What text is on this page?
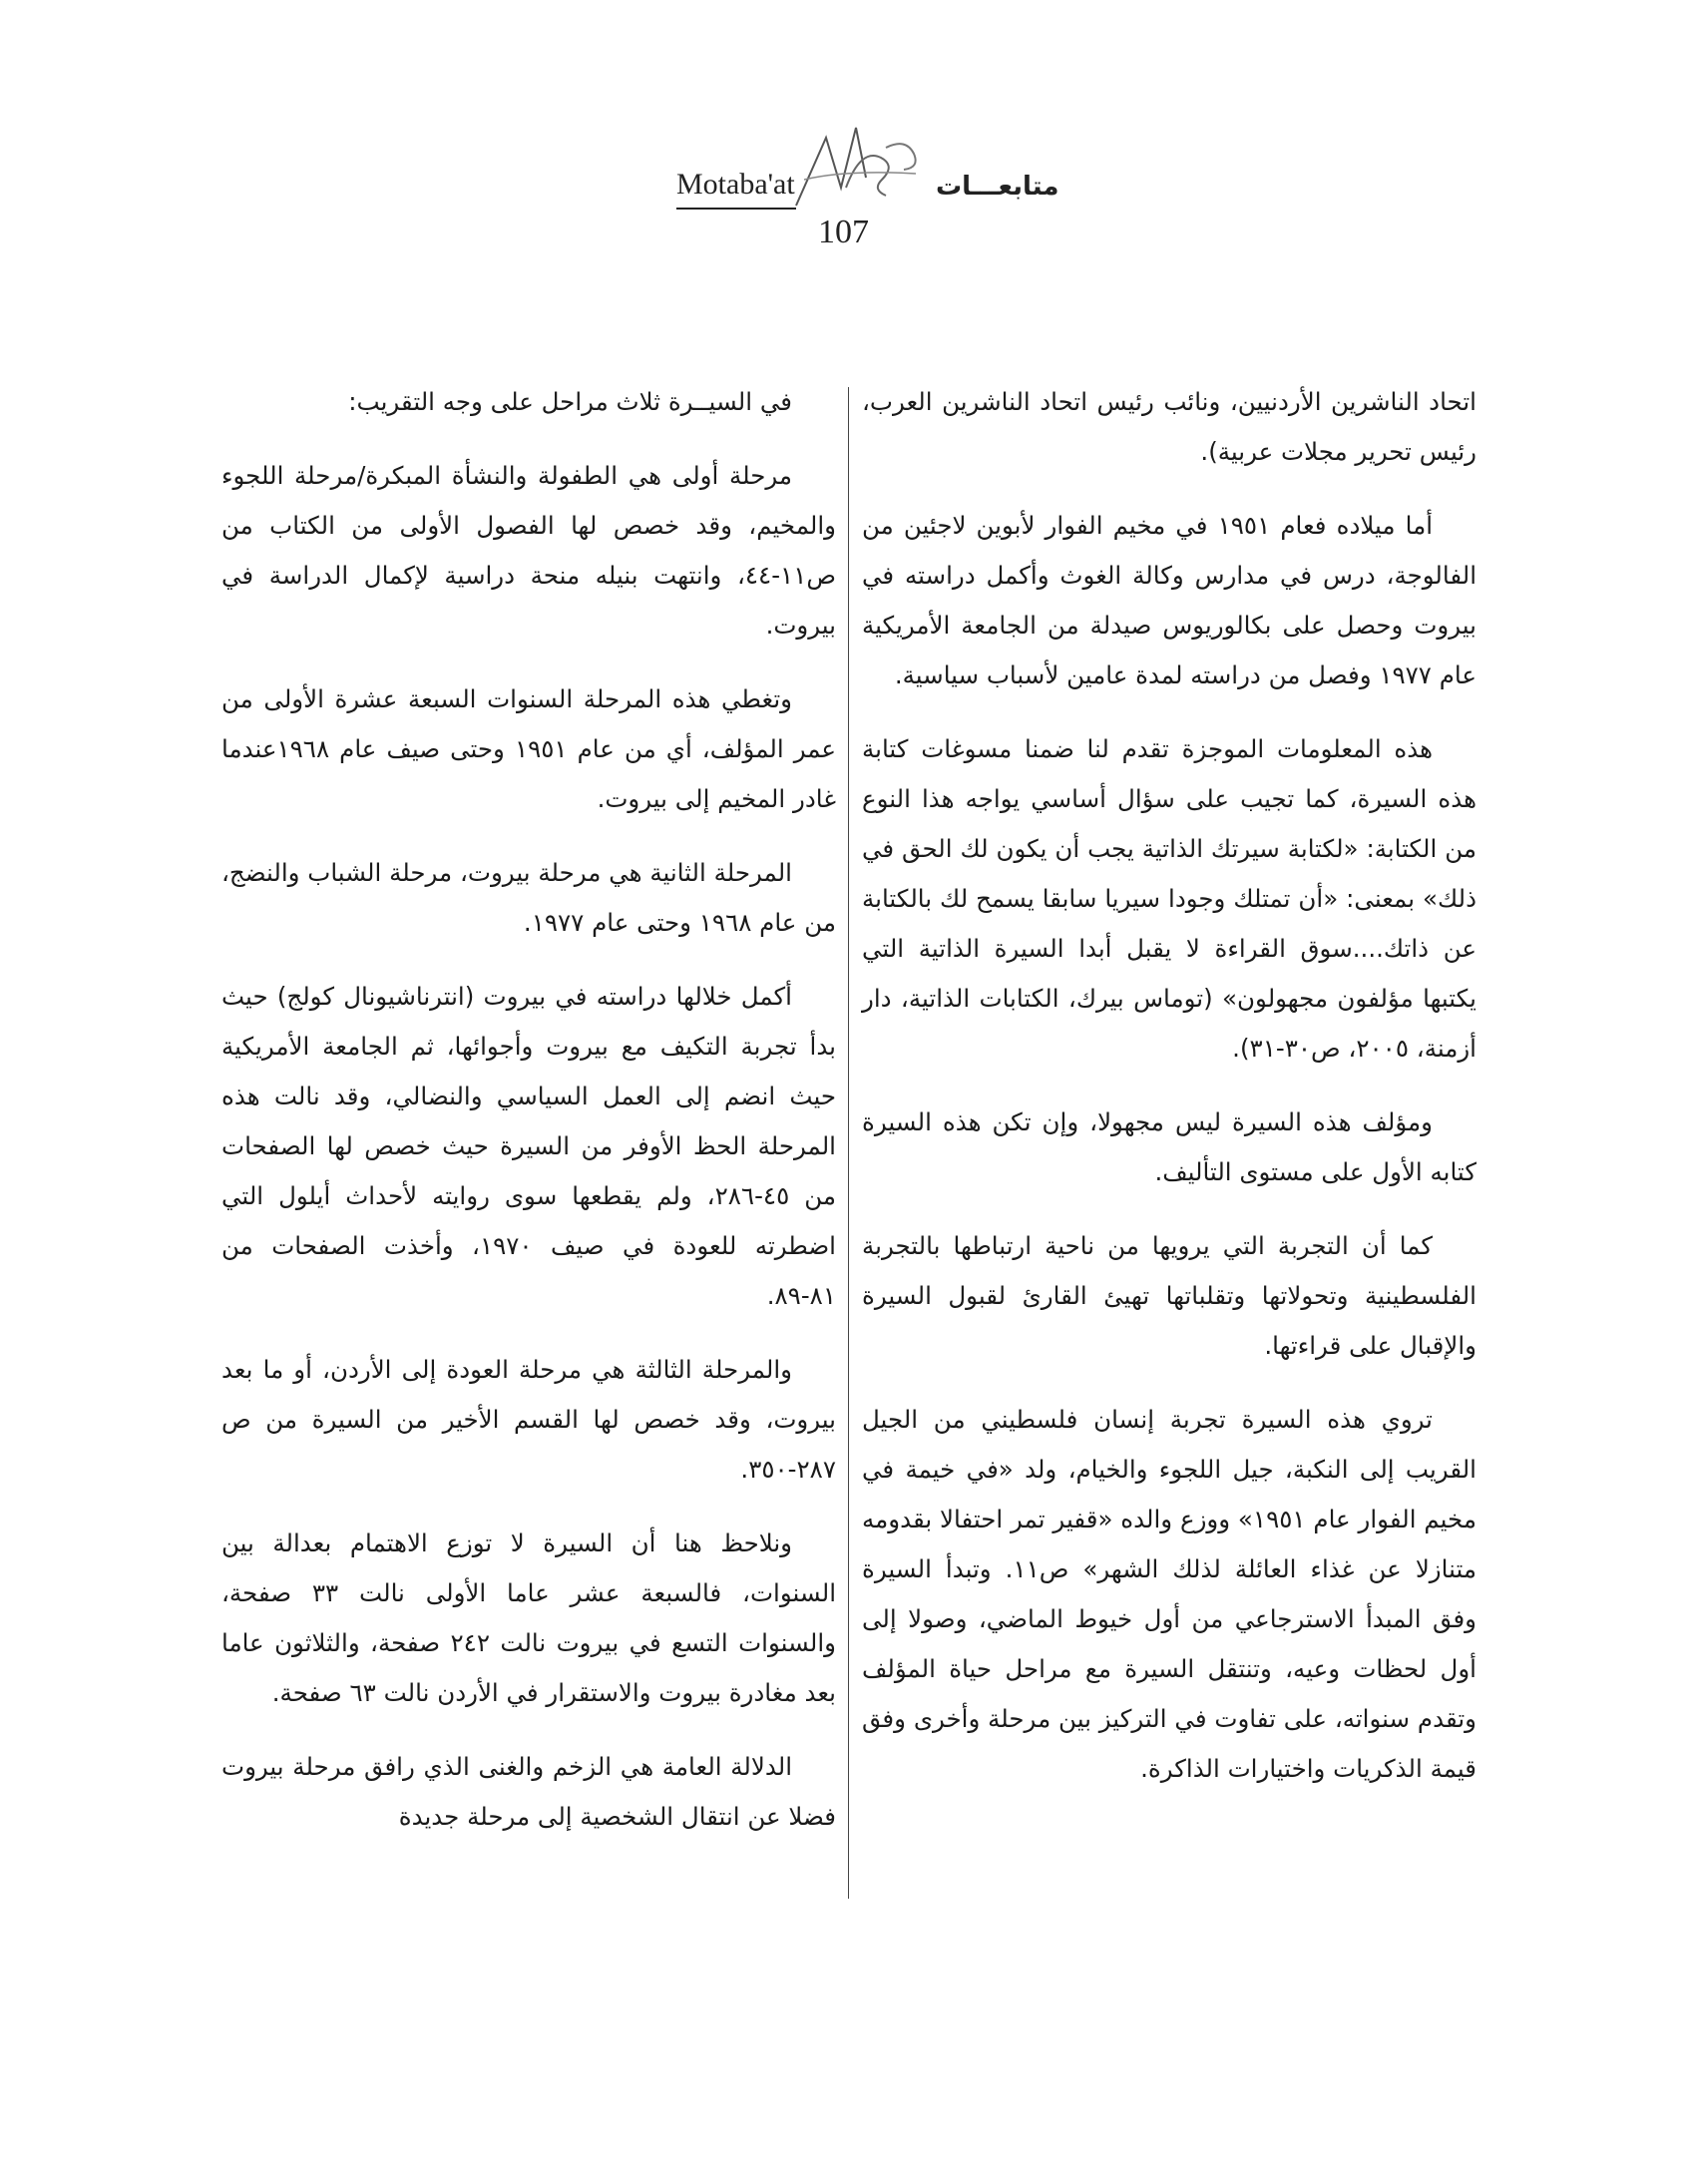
Motaba'at	متابعـــات
107

اتحاد الناشرين الأردنيين، ونائب رئيس اتحاد الناشرين العرب، رئيس تحرير مجلات عربية).

أما ميلاده فعام ١٩٥١ في مخيم الفوار لأبوين لاجئين من الفالوجة، درس في مدارس وكالة الغوث وأكمل دراسته في بيروت وحصل على بكالوريوس صيدلة من الجامعة الأمريكية عام ١٩٧٧ وفصل من دراسته لمدة عامين لأسباب سياسية.

هذه المعلومات الموجزة تقدم لنا ضمنا مسوغات كتابة هذه السيرة، كما تجيب على سؤال أساسي يواجه هذا النوع من الكتابة: «لكتابة سيرتك الذاتية يجب أن يكون لك الحق في ذلك» بمعنى: «أن تمتلك وجودا سيريا سابقا يسمح لك بالكتابة عن ذاتك....سوق القراءة لا يقبل أبدا السيرة الذاتية التي يكتبها مؤلفون مجهولون» (توماس بيرك، الكتابات الذاتية، دار أزمنة، ٢٠٠٥، ص٣٠-٣١).

ومؤلف هذه السيرة ليس مجهولا، وإن تكن هذه السيرة كتابه الأول على مستوى التأليف.

كما أن التجربة التي يرويها من ناحية ارتباطها بالتجربة الفلسطينية وتحولاتها وتقلباتها تهيئ القارئ لقبول السيرة والإقبال على قراءتها.

تروي هذه السيرة تجربة إنسان فلسطيني من الجيل القريب إلى النكبة، جيل اللجوء والخيام، ولد «في خيمة في مخيم الفوار عام ١٩٥١» ووزع والده «قفير تمر احتفالا بقدومه متنازلا عن غذاء العائلة لذلك الشهر» ص١١. وتبدأ السيرة وفق المبدأ الاسترجاعي من أول خيوط الماضي، وصولا إلى أول لحظات وعيه، وتنتقل السيرة مع مراحل حياة المؤلف وتقدم سنواته، على تفاوت في التركيز بين مرحلة وأخرى وفق قيمة الذكريات واختيارات الذاكرة.

في السيــرة ثلاث مراحل على وجه التقريب:

مرحلة أولى هي الطفولة والنشأة المبكرة/مرحلة اللجوء والمخيم، وقد خصص لها الفصول الأولى من الكتاب من ص١١-٤٤، وانتهت بنيله منحة دراسية لإكمال الدراسة في بيروت.

وتغطي هذه المرحلة السنوات السبعة عشرة الأولى من عمر المؤلف، أي من عام ١٩٥١ وحتى صيف عام ١٩٦٨عندما غادر المخيم إلى بيروت.

المرحلة الثانية هي مرحلة بيروت، مرحلة الشباب والنضج، من عام ١٩٦٨ وحتى عام ١٩٧٧.

أكمل خلالها دراسته في بيروت (انترناشيونال كولج) حيث بدأ تجربة التكيف مع بيروت وأجوائها، ثم الجامعة الأمريكية حيث انضم إلى العمل السياسي والنضالي، وقد نالت هذه المرحلة الحظ الأوفر من السيرة حيث خصص لها الصفحات من ٤٥-٢٨٦، ولم يقطعها سوى روايته لأحداث أيلول التي اضطرته للعودة في صيف ١٩٧٠، وأخذت الصفحات من ٨١-٨٩.

والمرحلة الثالثة هي مرحلة العودة إلى الأردن، أو ما بعد بيروت، وقد خصص لها القسم الأخير من السيرة من ص ٢٨٧-٣٥٠.

ونلاحظ هنا أن السيرة لا توزع الاهتمام بعدالة بين السنوات، فالسبعة عشر عاما الأولى نالت ٣٣ صفحة، والسنوات التسع في بيروت نالت ٢٤٢ صفحة، والثلاثون عاما بعد مغادرة بيروت والاستقرار في الأردن نالت ٦٣ صفحة.

الدلالة العامة هي الزخم والغنى الذي رافق مرحلة بيروت فضلا عن انتقال الشخصية إلى مرحلة جديدة
